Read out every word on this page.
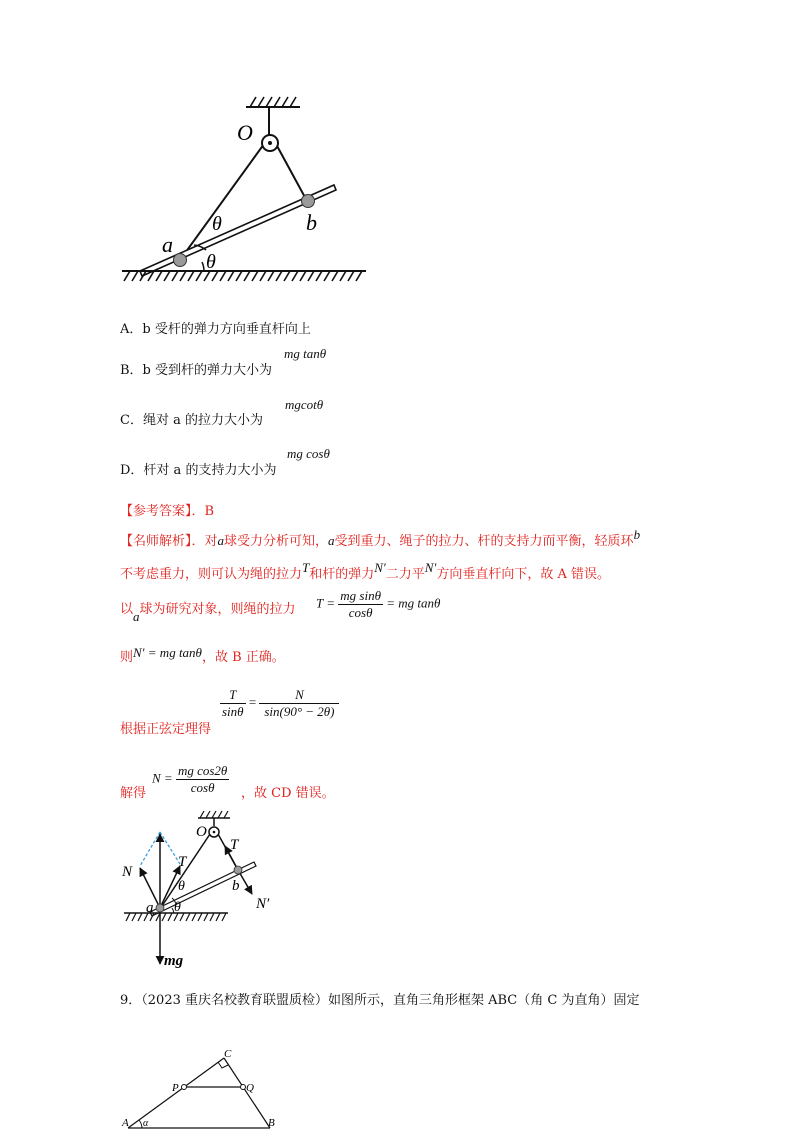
O
a
b
θ
θ
A．b 受杆的弹力方向垂直杆向上
B．b 受到杆的弹力大小为
mg tanθ
C．绳对 a 的拉力大小为
mgcotθ
D．杆对 a 的支持力大小为
mg cosθ
【参考答案】．B
【名师解析】．对a球受力分析可知，a受到重力、绳子的拉力、杆的支持力而平衡，轻质环b
不考虑重力，则可认为绳的拉力T和杆的弹力N′二力平N′方向垂直杆向下，故 A 错误。
以a球为研究对象，则绳的拉力 $T = \frac{\text{mg sinθ}}{\cos\theta}$ = mg tanθ
则N′ = mg tanθ，故 B 正确。
$\frac{T}{\sin\theta} = \frac{N}{\sin(90^\circ - 2\theta)}$
根据正弦定理得
$N = \frac{\text{mg cos2θ}}{\cos\theta}$
解得	，故 CD 错误。
O
T
T
N
θ	b
N′
a θ
mg
9．（2023 重庆名校教育联盟质检）如图所示，直角三角形框架 ABC（角 C 为直角）固定
C
P	Q
A α	B
